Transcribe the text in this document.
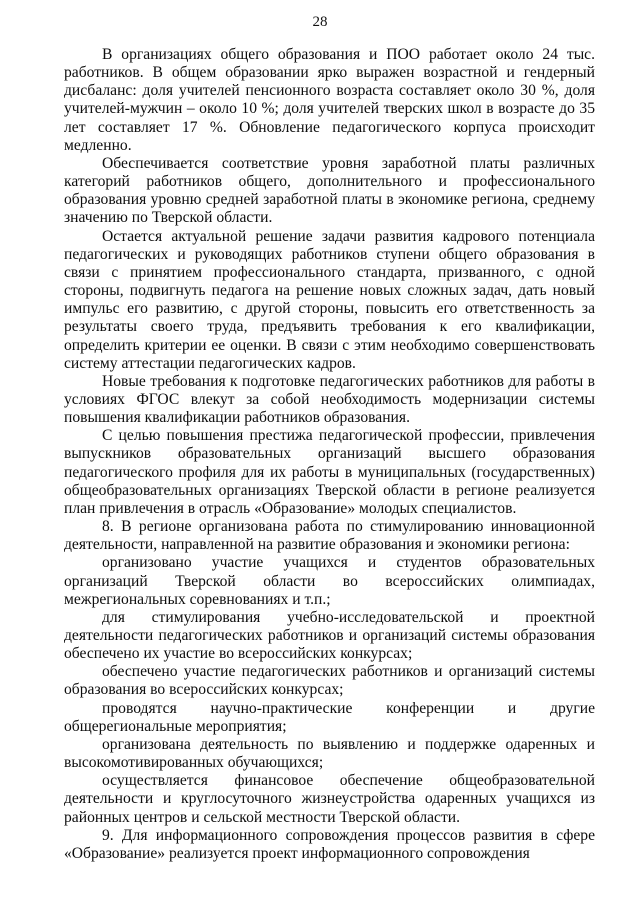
28

В организациях общего образования и ПОО работает около 24 тыс. работников. В общем образовании ярко выражен возрастной и гендерный дисбаланс: доля учителей пенсионного возраста составляет около 30 %, доля учителей-мужчин – около 10 %; доля учителей тверских школ в возрасте до 35 лет составляет 17 %. Обновление педагогического корпуса происходит медленно.

Обеспечивается соответствие уровня заработной платы различных категорий работников общего, дополнительного и профессионального образования уровню средней заработной платы в экономике региона, среднему значению по Тверской области.

Остается актуальной решение задачи развития кадрового потенциала педагогических и руководящих работников ступени общего образования в связи с принятием профессионального стандарта, призванного, с одной стороны, подвигнуть педагога на решение новых сложных задач, дать новый импульс его развитию, с другой стороны, повысить его ответственность за результаты своего труда, предъявить требования к его квалификации, определить критерии ее оценки. В связи с этим необходимо совершенствовать систему аттестации педагогических кадров.

Новые требования к подготовке педагогических работников для работы в условиях ФГОС влекут за собой необходимость модернизации системы повышения квалификации работников образования.

С целью повышения престижа педагогической профессии, привлечения выпускников образовательных организаций высшего образования педагогического профиля для их работы в муниципальных (государственных) общеобразовательных организациях Тверской области в регионе реализуется план привлечения в отрасль «Образование» молодых специалистов.

8. В регионе организована работа по стимулированию инновационной деятельности, направленной на развитие образования и экономики региона:

организовано участие учащихся и студентов образовательных организаций Тверской области во всероссийских олимпиадах, межрегиональных соревнованиях и т.п.;

для стимулирования учебно-исследовательской и проектной деятельности педагогических работников и организаций системы образования обеспечено их участие во всероссийских конкурсах;

обеспечено участие педагогических работников и организаций системы образования во всероссийских конкурсах;

проводятся научно-практические конференции и другие общерегиональные мероприятия;

организована деятельность по выявлению и поддержке одаренных и высокомотивированных обучающихся;

осуществляется финансовое обеспечение общеобразовательной деятельности и круглосуточного жизнеустройства одаренных учащихся из районных центров и сельской местности Тверской области.

9. Для информационного сопровождения процессов развития в сфере «Образование» реализуется проект информационного сопровождения
